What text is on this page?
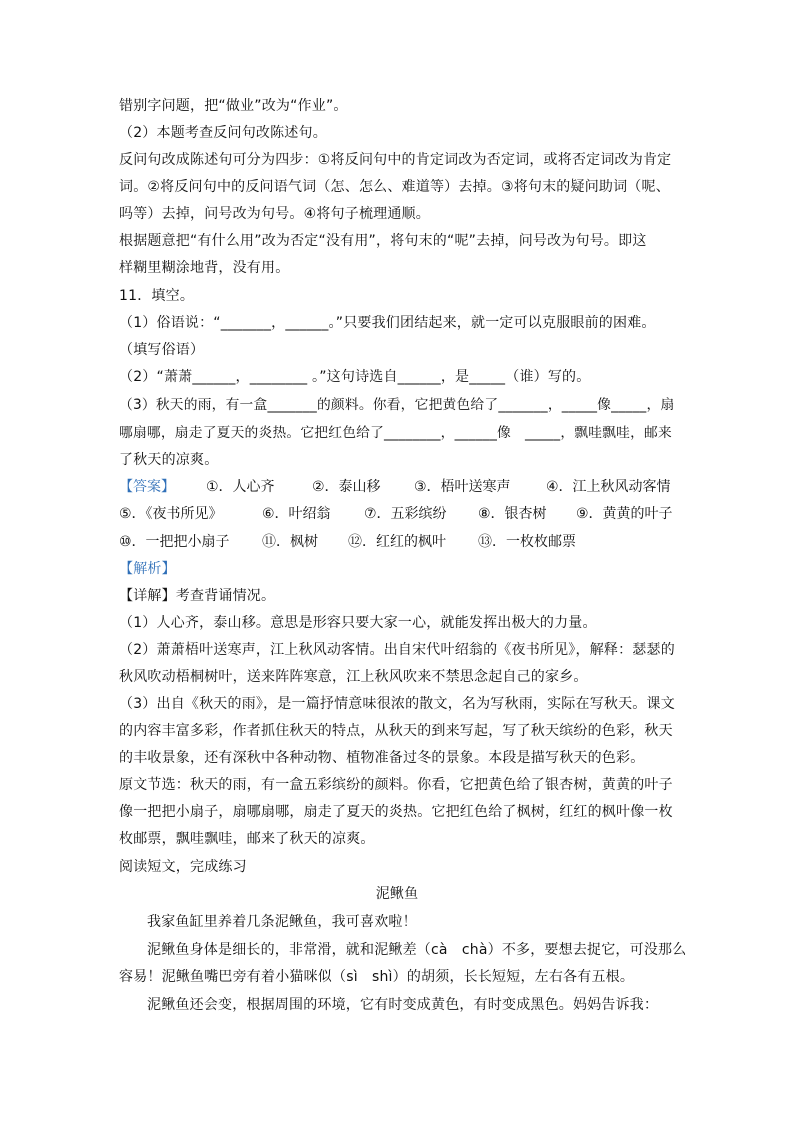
错别字问题，把“做业”改为“作业”。
（2）本题考查反问句改陈述句。
反问句改成陈述句可分为四步：①将反问句中的肯定词改为否定词，或将否定词改为肯定
词。②将反问句中的反问语气词（怎、怎么、难道等）去掉。③将句末的疑问助词（呢、
吗等）去掉，问号改为句号。④将句子梳理通顺。
根据题意把“有什么用”改为否定“没有用”，将句末的“呢”去掉，问号改为句号。即这
样糊里糊涂地背，没有用。
11．填空。
（1）俗语说：“_______，______。”只要我们团结起来，就一定可以克服眼前的困难。
（填写俗语）
（2）“萧萧______，________ 。”这句诗选自______，是_____（谁）写的。
（3）秋天的雨，有一盒_______的颜料。你看，它把黄色给了_______，_____像_____，扇
哪扇哪，扇走了夏天的炎热。它把红色给了________，______像　_____，飘哇飘哇，邮来
了秋天的凉爽。
【答案】 ①．人心齐	②．泰山移 ③．梧叶送寒声	④．江上秋风动客情
⑤．《夜书所见》	⑥．叶绍翁 ⑦．五彩缤纷 ⑧．银杏树 ⑨．黄黄的叶子
⑩．一把把小扇子 ⑪．枫树 ⑫．红红的枫叶 ⑬．一枚枚邮票
【解析】
【详解】考查背诵情况。
（1）人心齐，泰山移。意思是形容只要大家一心，就能发挥出极大的力量。
（2）萧萧梧叶送寒声，江上秋风动客情。出自宋代叶绍翁的《夜书所见》，解释：瑟瑟的
秋风吹动梧桐树叶，送来阵阵寒意，江上秋风吹来不禁思念起自己的家乡。
（3）出自《秋天的雨》，是一篇抒情意味很浓的散文，名为写秋雨，实际在写秋天。课文
的内容丰富多彩，作者抓住秋天的特点，从秋天的到来写起，写了秋天缤纷的色彩，秋天
的丰收景象，还有深秋中各种动物、植物准备过冬的景象。本段是描写秋天的色彩。
原文节选：秋天的雨，有一盒五彩缤纷的颜料。你看，它把黄色给了银杏树，黄黄的叶子
像一把把小扇子，扇哪扇哪，扇走了夏天的炎热。它把红色给了枫树，红红的枫叶像一枚
枚邮票，飘哇飘哇，邮来了秋天的凉爽。
阅读短文，完成练习
泥鳅鱼
我家鱼缸里养着几条泥鳅鱼，我可喜欢啦！
泥鳅鱼身体是细长的，非常滑，就和泥鳅差（cà　chà）不多，要想去捉它，可没那么
容易！泥鳅鱼嘴巴旁有着小猫咪似（sì　shì）的胡须，长长短短，左右各有五根。
泥鳅鱼还会变，根据周围的环境，它有时变成黄色，有时变成黑色。妈妈告诉我：
